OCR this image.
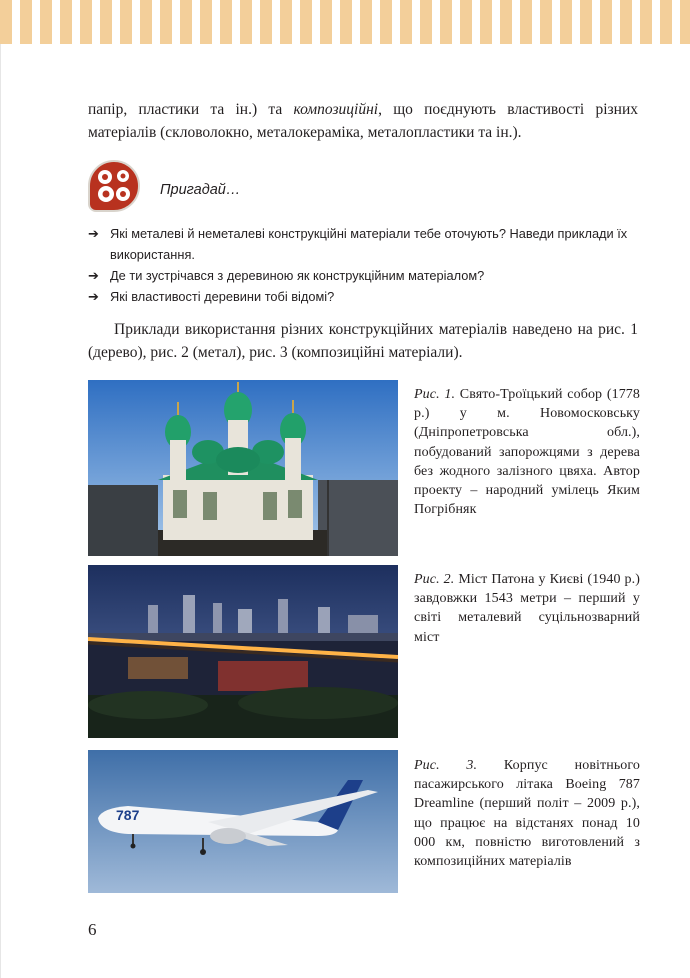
папір, пластики та ін.) та композиційні, що поєднують властивості різних матеріалів (скловолокно, металокераміка, металопластики та ін.).

Пригадай…
➔ Які металеві й неметалеві конструкційні матеріали тебе оточують? Наведи приклади їх використання.
➔ Де ти зустрічався з деревиною як конструкційним матеріалом?
➔ Які властивості деревини тобі відомі?

Приклади використання різних конструкційних матеріалів наведено на рис. 1 (дерево), рис. 2 (метал), рис. 3 (композиційні матеріали).

Рис. 1. Свято-Троїцький собор (1778 р.) у м. Новомосковську (Дніпропетровська обл.), побудований запорожцями з дерева без жодного залізного цвяха. Автор проекту – народний умілець Яким Погрібняк

Рис. 2. Міст Патона у Києві (1940 р.) завдовжки 1543 метри – перший у світі металевий суцільнозварний міст

787

Рис. 3. Корпус новітнього пасажирського літака Boeing 787 Dreamline (перший політ – 2009 р.), що працює на відстанях понад 10 000 км, повністю виготовлений з композиційних матеріалів

6
